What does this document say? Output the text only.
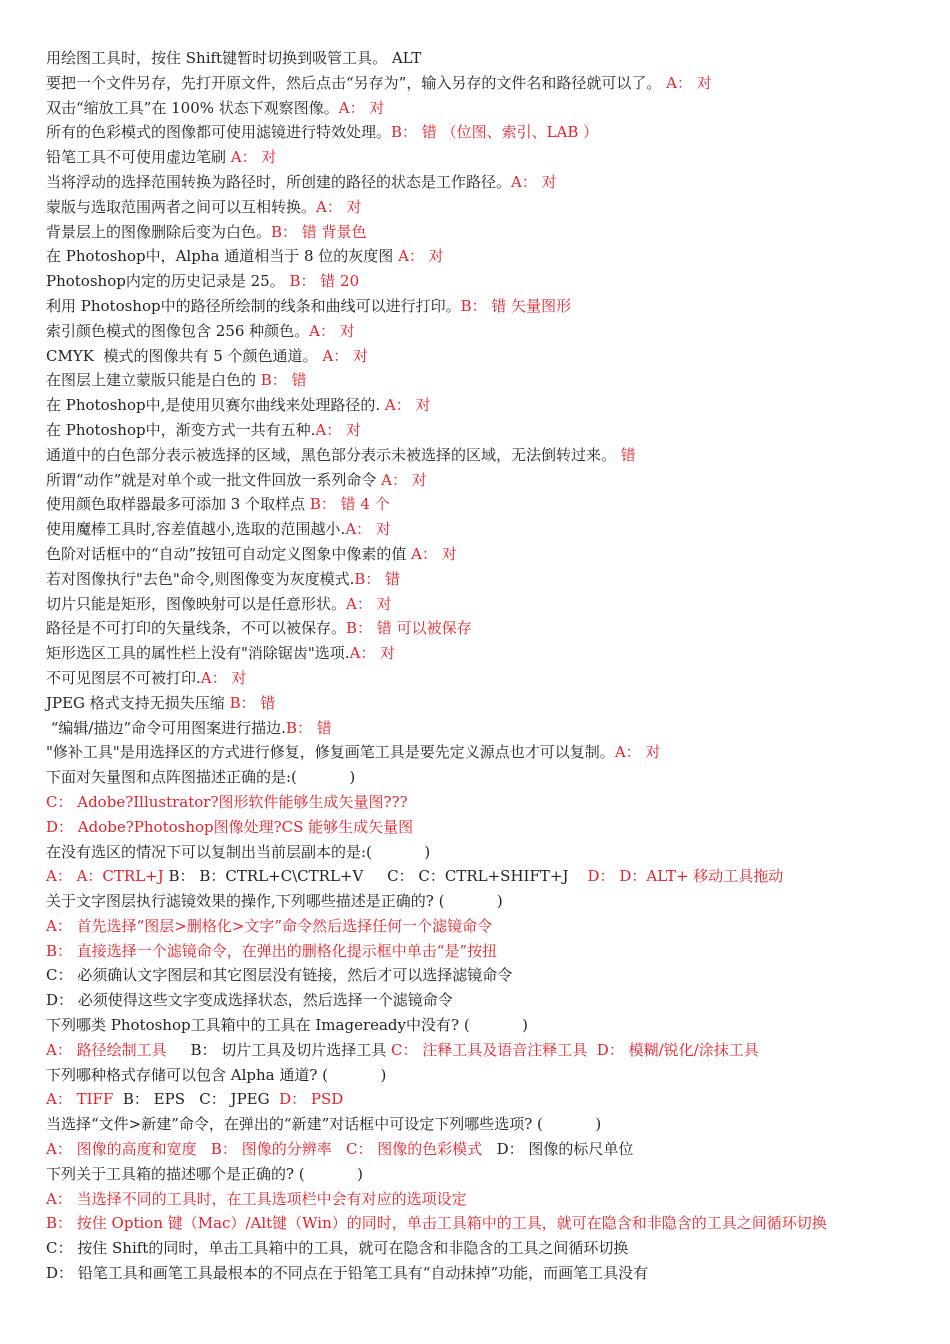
用绘图工具时，按住 Shift键暂时切换到吸管工具。 ALT
要把一个文件另存，先打开原文件，然后点击“另存为”，输入另存的文件名和路径就可以了。 A： 对
双击“缩放工具”在 100% 状态下观察图像。A： 对
所有的色彩模式的图像都可使用滤镜进行特效处理。B： 错 （位图、索引、LAB ）
铅笔工具不可使用虚边笔刷 A： 对
当将浮动的选择范围转换为路径时，所创建的路径的状态是工作路径。A： 对
蒙版与选取范围两者之间可以互相转换。A： 对
背景层上的图像删除后变为白色。B： 错 背景色
在 Photoshop中，Alpha 通道相当于 8 位的灰度图 A： 对
Photoshop内定的历史记录是 25。 B： 错 20
利用 Photoshop中的路径所绘制的线条和曲线可以进行打印。B： 错 矢量图形
索引颜色模式的图像包含 256 种颜色。A： 对
CMYK  模式的图像共有 5 个颜色通道。 A： 对
在图层上建立蒙版只能是白色的 B： 错
在 Photoshop中,是使用贝赛尔曲线来处理路径的. A： 对
在 Photoshop中，渐变方式一共有五种.A： 对
通道中的白色部分表示被选择的区域，黑色部分表示未被选择的区域，无法倒转过来。 错
所谓“动作”就是对单个或一批文件回放一系列命令 A： 对
使用颜色取样器最多可添加 3 个取样点 B： 错 4 个
使用魔棒工具时,容差值越小,选取的范围越小.A： 对
色阶对话框中的“自动”按钮可自动定义图象中像素的值 A： 对
若对图像执行"去色"命令,则图像变为灰度模式.B： 错
切片只能是矩形，图像映射可以是任意形状。A： 对
路径是不可打印的矢量线条，不可以被保存。B： 错 可以被保存
矩形选区工具的属性栏上没有"消除锯齿"选项.A： 对
不可见图层不可被打印.A： 对
JPEG 格式支持无损失压缩 B： 错
“编辑/描边”命令可用图案进行描边.B： 错
"修补工具"是用选择区的方式进行修复，修复画笔工具是要先定义源点也才可以复制。A： 对
下面对矢量图和点阵图描述正确的是:(           )
C： Adobe?Illustrator?图形软件能够生成矢量图???
D： Adobe?Photoshop图像处理?CS 能够生成矢量图
在没有选区的情况下可以复制出当前层副本的是:(           )
A： A：CTRL+J B： B：CTRL+C\CTRL+V     C： C：CTRL+SHIFT+J    D： D：ALT+ 移动工具拖动
关于文字图层执行滤镜效果的操作,下列哪些描述是正确的? (           )
A： 首先选择“图层>删格化>文字”命令然后选择任何一个滤镜命令
B： 直接选择一个滤镜命令，在弹出的删格化提示框中单击“是”按扭
C： 必须确认文字图层和其它图层没有链接，然后才可以选择滤镜命令
D： 必须使得这些文字变成选择状态，然后选择一个滤镜命令
下列哪类 Photoshop工具箱中的工具在 Imageready中没有? (           )
A： 路径绘制工具     B： 切片工具及切片选择工具 C： 注释工具及语音注释工具  D： 模糊/锐化/涂抹工具
下列哪种格式存储可以包含 Alpha 通道? (           )
A： TIFF  B： EPS   C： JPEG  D： PSD
当选择“文件>新建”命令，在弹出的“新建”对话框中可设定下列哪些选项? (           )
A： 图像的高度和宽度   B： 图像的分辨率   C： 图像的色彩模式   D： 图像的标尺单位
下列关于工具箱的描述哪个是正确的? (           )
A： 当选择不同的工具时，在工具选项栏中会有对应的选项设定
B： 按住 Option 键（Mac）/Alt键（Win）的同时，单击工具箱中的工具，就可在隐含和非隐含的工具之间循环切换
C： 按住 Shift的同时，单击工具箱中的工具，就可在隐含和非隐含的工具之间循环切换
D： 铅笔工具和画笔工具最根本的不同点在于铅笔工具有“自动抹掉”功能，而画笔工具没有
